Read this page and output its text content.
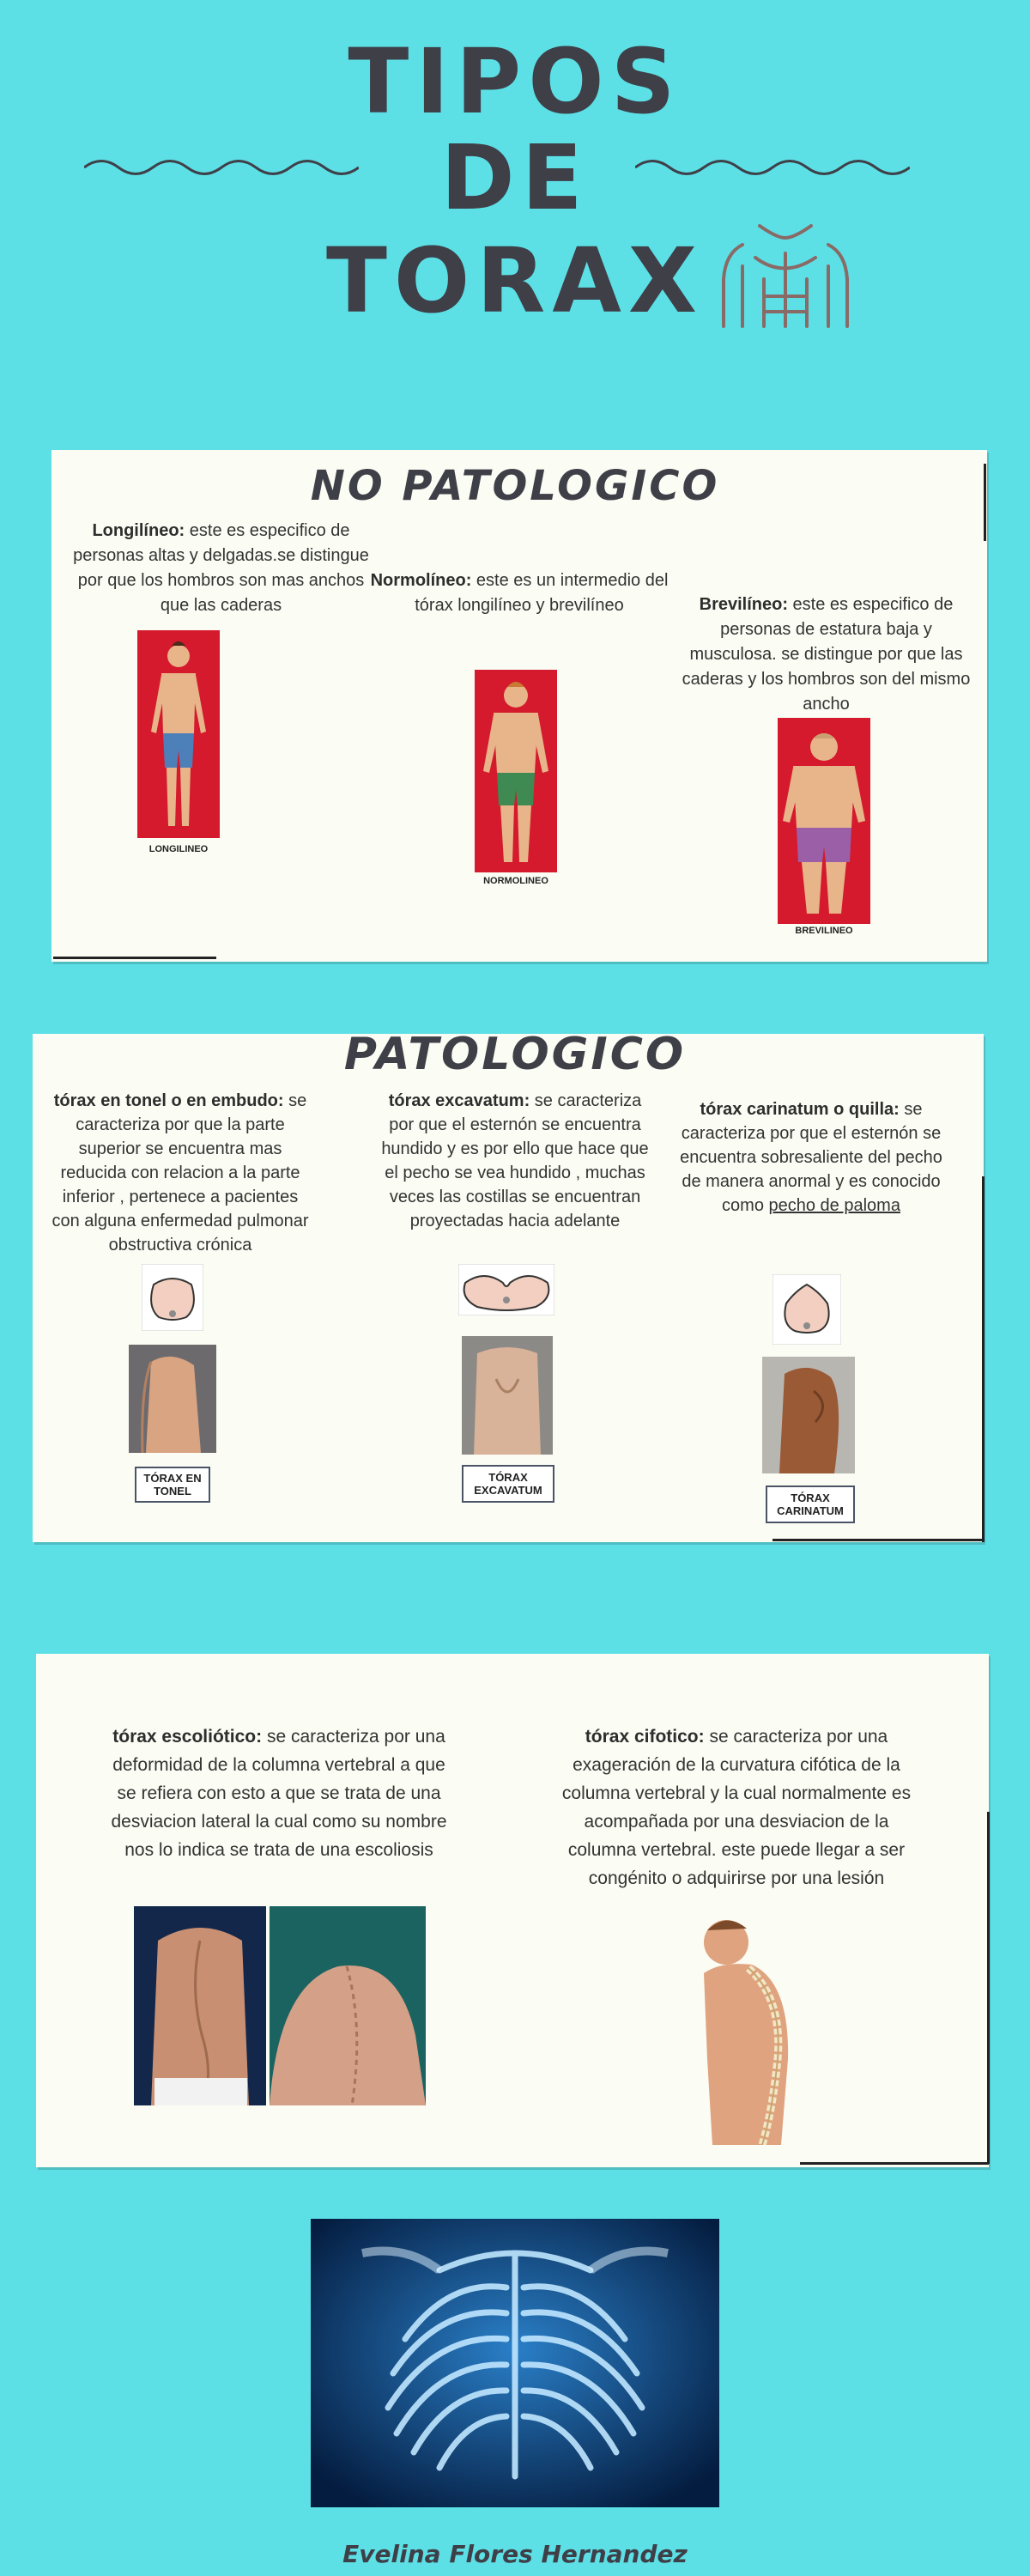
TIPOS
DE
TORAX
NO PATOLOGICO
Longilíneo: este es especifico de personas altas y delgadas.se distingue por que los hombros son mas anchos que las caderas
Normolíneo: este es un intermedio del tórax longilíneo y brevilíneo	Brevilíneo: este es especifico de personas de estatura baja y musculosa. se distingue por que las caderas y los hombros son del mismo ancho
LONGILINEO
NORMOLINEO
BREVILINEO
PATOLOGICO
tórax en tonel o en embudo: se caracteriza por que la parte superior se encuentra mas reducida con relacion a la parte inferior , pertenece a pacientes con alguna enfermedad pulmonar obstructiva crónica
tórax excavatum: se caracteriza por que el esternón se encuentra hundido y es por ello que hace que el pecho se vea hundido , muchas veces las costillas se encuentran proyectadas hacia adelante
tórax carinatum o quilla: se caracteriza por que el esternón se encuentra sobresaliente del pecho de manera anormal y es conocido como pecho de paloma
TÓRAX EN TONEL
TÓRAX EXCAVATUM
TÓRAX CARINATUM
tórax escoliótico: se caracteriza por una deformidad de la columna vertebral a que se refiera con esto a que se trata de una desviacion lateral la cual como su nombre nos lo indica se trata de una escoliosis
tórax cifotico: se caracteriza por una exageración de la curvatura cifótica de la columna vertebral y la cual normalmente es acompañada por una desviacion de la columna vertebral. este puede llegar a ser congénito o adquirirse por una lesión
Evelina Flores Hernandez
